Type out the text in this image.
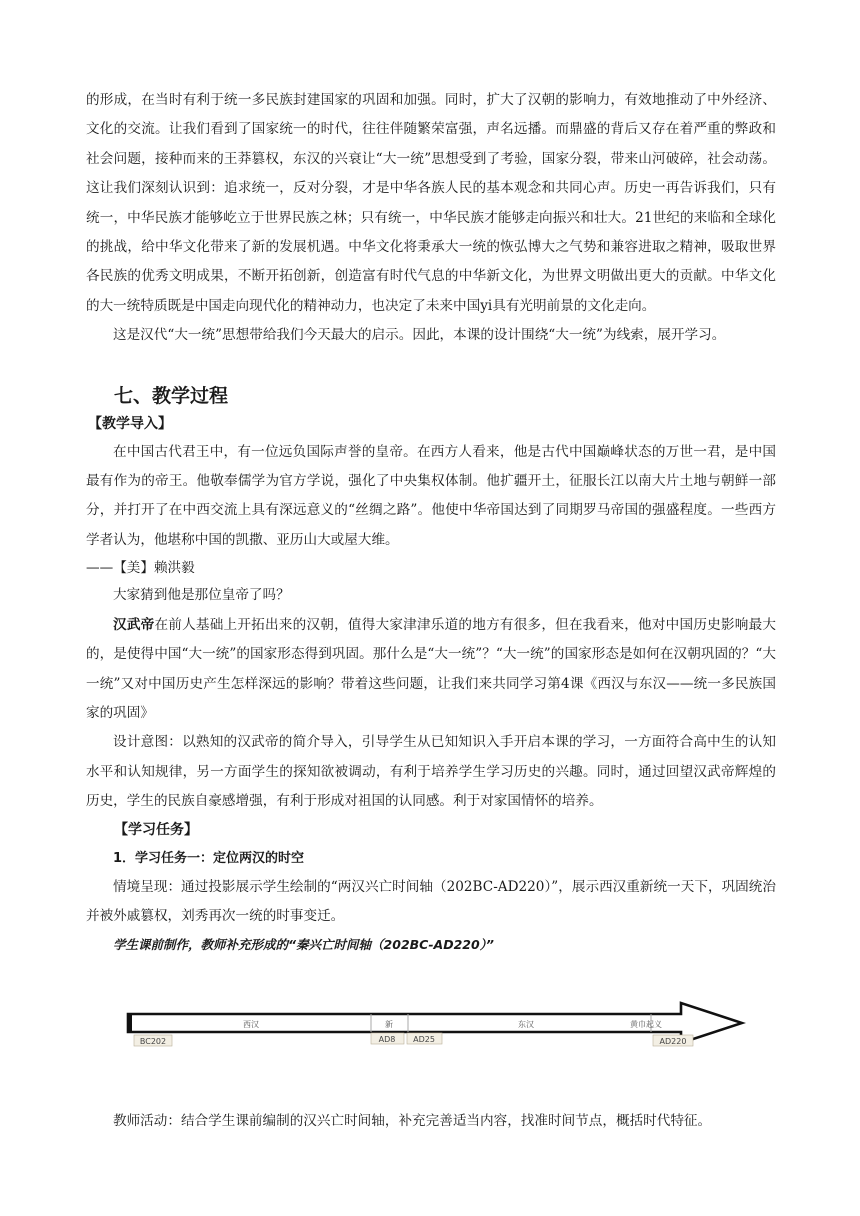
的形成，在当时有利于统一多民族封建国家的巩固和加强。同时，扩大了汉朝的影响力，有效地推动了中外经济、文化的交流。让我们看到了国家统一的时代，往往伴随繁荣富强，声名远播。而鼎盛的背后又存在着严重的弊政和社会问题，接种而来的王莽篡权，东汉的兴衰让“大一统”思想受到了考验，国家分裂，带来山河破碎，社会动荡。这让我们深刻认识到：追求统一，反对分裂，才是中华各族人民的基本观念和共同心声。历史一再告诉我们，只有统一，中华民族才能够屹立于世界民族之林；只有统一，中华民族才能够走向振兴和壮大。21世纪的来临和全球化的挑战，给中华文化带来了新的发展机遇。中华文化将秉承大一统的恢弘博大之气势和兼容进取之精神，吸取世界各民族的优秀文明成果，不断开拓创新，创造富有时代气息的中华新文化，为世界文明做出更大的贡献。中华文化的大一统特质既是中国走向现代化的精神动力，也决定了未来中国yi具有光明前景的文化走向。

这是汉代“大一统”思想带给我们今天最大的启示。因此，本课的设计围绕“大一统”为线索，展开学习。

七、教学过程
【教学导入】

在中国古代君王中，有一位远负国际声誉的皇帝。在西方人看来，他是古代中国巅峰状态的万世一君，是中国最有作为的帝王。他敬奉儒学为官方学说，强化了中央集权体制。他扩疆开土，征服长江以南大片土地与朝鲜一部分，并打开了在中西交流上具有深远意义的“丝绸之路”。他使中华帝国达到了同期罗马帝国的强盛程度。一些西方学者认为，他堪称中国的凯撒、亚历山大或屋大维。

——【美】赖洪毅

大家猜到他是那位皇帝了吗？

汉武帝在前人基础上开拓出来的汉朝，值得大家津津乐道的地方有很多，但在我看来，他对中国历史影响最大的，是使得中国“大一统”的国家形态得到巩固。那什么是“大一统”？“大一统”的国家形态是如何在汉朝巩固的？“大一统”又对中国历史产生怎样深远的影响？带着这些问题，让我们来共同学习第4课《西汉与东汉——统一多民族国家的巩固》

设计意图：以熟知的汉武帝的简介导入，引导学生从已知知识入手开启本课的学习，一方面符合高中生的认知水平和认知规律，另一方面学生的探知欲被调动，有利于培养学生学习历史的兴趣。同时，通过回望汉武帝辉煌的历史，学生的民族自豪感增强，有利于形成对祖国的认同感。利于对家国情怀的培养。

【学习任务】
1．学习任务一：定位两汉的时空

情境呈现：通过投影展示学生绘制的“两汉兴亡时间轴（202BC-AD220）”，展示西汉重新统一天下，巩固统治并被外戚篡权，刘秀再次一统的时事变迁。

学生课前制作，教师补充形成的“秦兴亡时间轴（202BC-AD220）”
西汉	新	东汉	黄巾起义
BC202	AD8 AD25	AD220

教师活动：结合学生课前编制的汉兴亡时间轴，补充完善适当内容，找准时间节点，概括时代特征。
